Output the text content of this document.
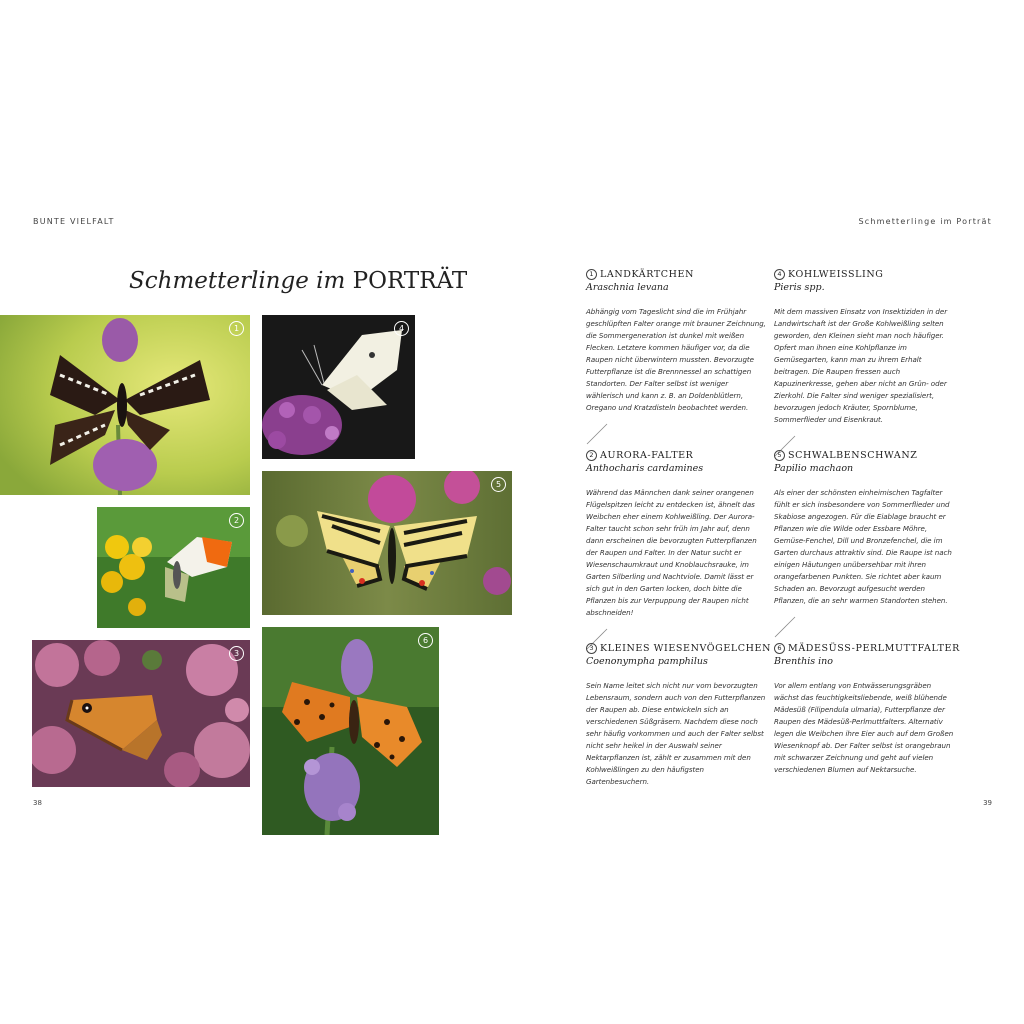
BUNTE VIELFALT	Schmetterlinge im Porträt
Schmetterlinge im PORTRÄT
1	4
2
5
3
6
38	39
1 LANDKÄRTCHEN
Araschnia levana
Abhängig vom Tageslicht sind die im Frühjahr geschlüpften Falter orange mit brauner Zeichnung, die Sommergeneration ist dunkel mit weißen Flecken. Letztere kommen häufiger vor, da die Raupen nicht überwintern mussten. Bevorzugte Futterpflanze ist die Brennnessel an schattigen Standorten. Der Falter selbst ist weniger wählerisch und kann z. B. an Doldenblütlern, Oregano und Kratzdisteln beobachtet werden.
2 AURORA-FALTER
Anthocharis cardamines
Während das Männchen dank seiner orangenen Flügelspitzen leicht zu entdecken ist, ähnelt das Weibchen eher einem Kohlweißling. Der Aurora-Falter taucht schon sehr früh im Jahr auf, denn dann erscheinen die bevorzugten Futterpflanzen der Raupen und Falter. In der Natur sucht er Wiesenschaumkraut und Knoblauchsrauke, im Garten Silberling und Nachtviole. Damit lässt er sich gut in den Garten locken, doch bitte die Pflanzen bis zur Verpuppung der Raupen nicht abschneiden!
3 KLEINES WIESENVÖGELCHEN
Coenonympha pamphilus
Sein Name leitet sich nicht nur vom bevorzugten Lebensraum, sondern auch von den Futterpflanzen der Raupen ab. Diese entwickeln sich an verschiedenen Süßgräsern. Nachdem diese noch sehr häufig vorkommen und auch der Falter selbst nicht sehr heikel in der Auswahl seiner Nektarpflanzen ist, zählt er zusammen mit den Kohlweißlingen zu den häufigsten Gartenbesuchern.
4 KOHLWEISSLING
Pieris spp.
Mit dem massiven Einsatz von Insektiziden in der Landwirtschaft ist der Große Kohlweißling selten geworden, den Kleinen sieht man noch häufiger. Opfert man ihnen eine Kohlpflanze im Gemüsegarten, kann man zu ihrem Erhalt beitragen. Die Raupen fressen auch Kapuzinerkresse, gehen aber nicht an Grün- oder Zierkohl. Die Falter sind weniger spezialisiert, bevorzugen jedoch Kräuter, Spornblume, Sommerflieder und Eisenkraut.
5 SCHWALBENSCHWANZ
Papilio machaon
Als einer der schönsten einheimischen Tagfalter fühlt er sich insbesondere von Sommerflieder und Skabiose angezogen. Für die Eiablage braucht er Pflanzen wie die Wilde oder Essbare Möhre, Gemüse-Fenchel, Dill und Bronzefenchel, die im Garten durchaus attraktiv sind. Die Raupe ist nach einigen Häutungen unübersehbar mit ihren orangefarbenen Punkten. Sie richtet aber kaum Schaden an. Bevorzugt aufgesucht werden Pflanzen, die an sehr warmen Standorten stehen.
6 MÄDESÜSS-PERLMUTTFALTER
Brenthis ino
Vor allem entlang von Entwässerungsgräben wächst das feuchtigkeitsliebende, weiß blühende Mädesüß (Filipendula ulmaria), Futterpflanze der Raupen des Mädesüß-Perlmuttfalters. Alternativ legen die Weibchen ihre Eier auch auf dem Großen Wiesenknopf ab. Der Falter selbst ist orangebraun mit schwarzer Zeichnung und geht auf vielen verschiedenen Blumen auf Nektarsuche.
